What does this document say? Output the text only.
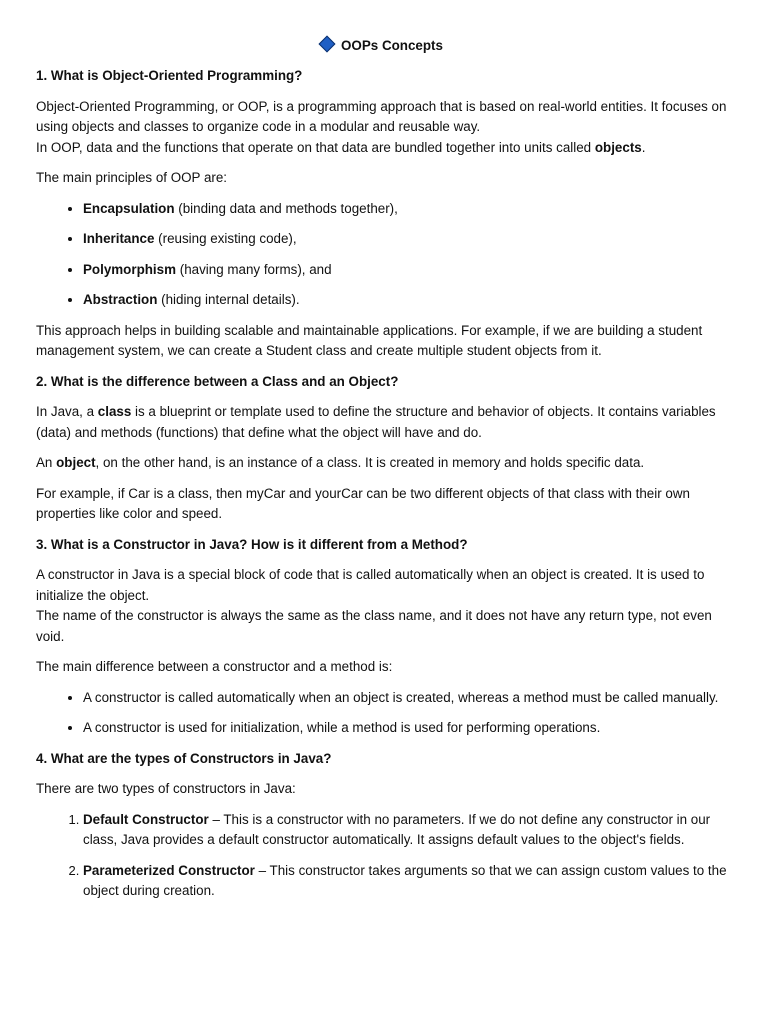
OOPs Concepts
1. What is Object-Oriented Programming?

Object-Oriented Programming, or OOP, is a programming approach that is based on real-world entities. It focuses on using objects and classes to organize code in a modular and reusable way.
In OOP, data and the functions that operate on that data are bundled together into units called objects.

The main principles of OOP are:

• Encapsulation (binding data and methods together),
• Inheritance (reusing existing code),
• Polymorphism (having many forms), and
• Abstraction (hiding internal details).

This approach helps in building scalable and maintainable applications. For example, if we are building a student management system, we can create a Student class and create multiple student objects from it.

2. What is the difference between a Class and an Object?

In Java, a class is a blueprint or template used to define the structure and behavior of objects. It contains variables (data) and methods (functions) that define what the object will have and do.

An object, on the other hand, is an instance of a class. It is created in memory and holds specific data.

For example, if Car is a class, then myCar and yourCar can be two different objects of that class with their own properties like color and speed.

3. What is a Constructor in Java? How is it different from a Method?

A constructor in Java is a special block of code that is called automatically when an object is created. It is used to initialize the object.
The name of the constructor is always the same as the class name, and it does not have any return type, not even void.

The main difference between a constructor and a method is:

• A constructor is called automatically when an object is created, whereas a method must be called manually.
• A constructor is used for initialization, while a method is used for performing operations.
4. What are the types of Constructors in Java?

There are two types of constructors in Java:

1. Default Constructor – This is a constructor with no parameters. If we do not define any constructor in our class, Java provides a default constructor automatically. It assigns default values to the object's fields.
2. Parameterized Constructor – This constructor takes arguments so that we can assign custom values to the object during creation.
